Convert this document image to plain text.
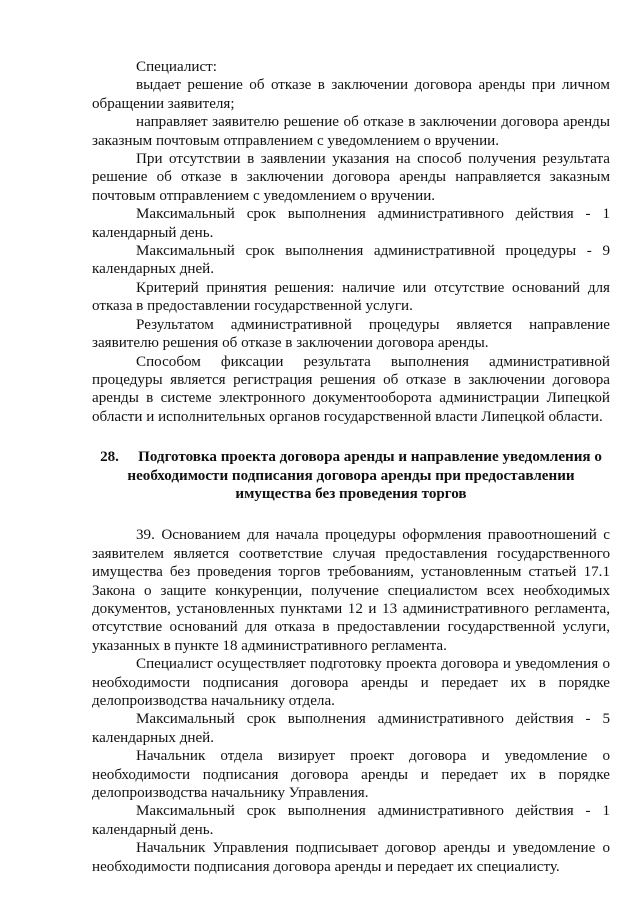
Специалист:

выдает решение об отказе в заключении договора аренды при личном обращении заявителя;

направляет заявителю решение об отказе в заключении договора аренды заказным почтовым отправлением с уведомлением о вручении.

При отсутствии в заявлении указания на способ получения результата решение об отказе в заключении договора аренды направляется заказным почтовым отправлением с уведомлением о вручении.

Максимальный срок выполнения административного действия - 1 календарный день.

Максимальный срок выполнения административной процедуры - 9 календарных дней.

Критерий принятия решения: наличие или отсутствие оснований для отказа в предоставлении государственной услуги.

Результатом административной процедуры является направление заявителю решения об отказе в заключении договора аренды.

Способом фиксации результата выполнения административной процедуры является регистрация решения об отказе в заключении договора аренды в системе электронного документооборота администрации Липецкой области и исполнительных органов государственной власти Липецкой области.

28. Подготовка проекта договора аренды и направление уведомления о необходимости подписания договора аренды при предоставлении имущества без проведения торгов

39. Основанием для начала процедуры оформления правоотношений с заявителем является соответствие случая предоставления государственного имущества без проведения торгов требованиям, установленным статьей 17.1 Закона о защите конкуренции, получение специалистом всех необходимых документов, установленных пунктами 12 и 13 административного регламента, отсутствие оснований для отказа в предоставлении государственной услуги, указанных в пункте 18 административного регламента.

Специалист осуществляет подготовку проекта договора и уведомления о необходимости подписания договора аренды и передает их в порядке делопроизводства начальнику отдела.

Максимальный срок выполнения административного действия - 5 календарных дней.

Начальник отдела визирует проект договора и уведомление о необходимости подписания договора аренды и передает их в порядке делопроизводства начальнику Управления.

Максимальный срок выполнения административного действия - 1 календарный день.

Начальник Управления подписывает договор аренды и уведомление о необходимости подписания договора аренды и передает их специалисту.
